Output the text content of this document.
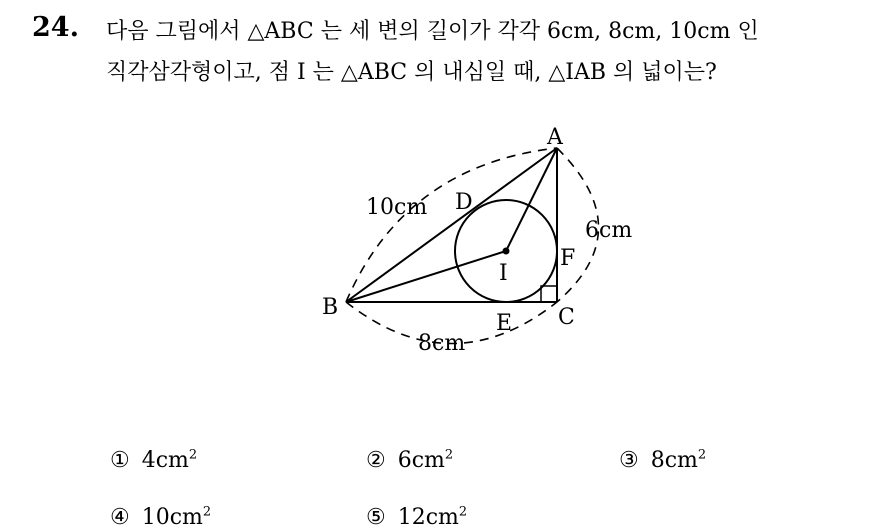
24. 다음 그림에서 △ABC 는 세 변의 길이가 각각 6cm, 8cm, 10cm 인
직각삼각형이고, 점 I 는 △ABC 의 내심일 때, △IAB 의 넓이는?
A
B	C
D
E
F
I
10cm
6cm
8cm
① $4cm^2$	② $6cm^2$	③ $8cm^2$
④ $10cm^2$	⑤ $12cm^2$
